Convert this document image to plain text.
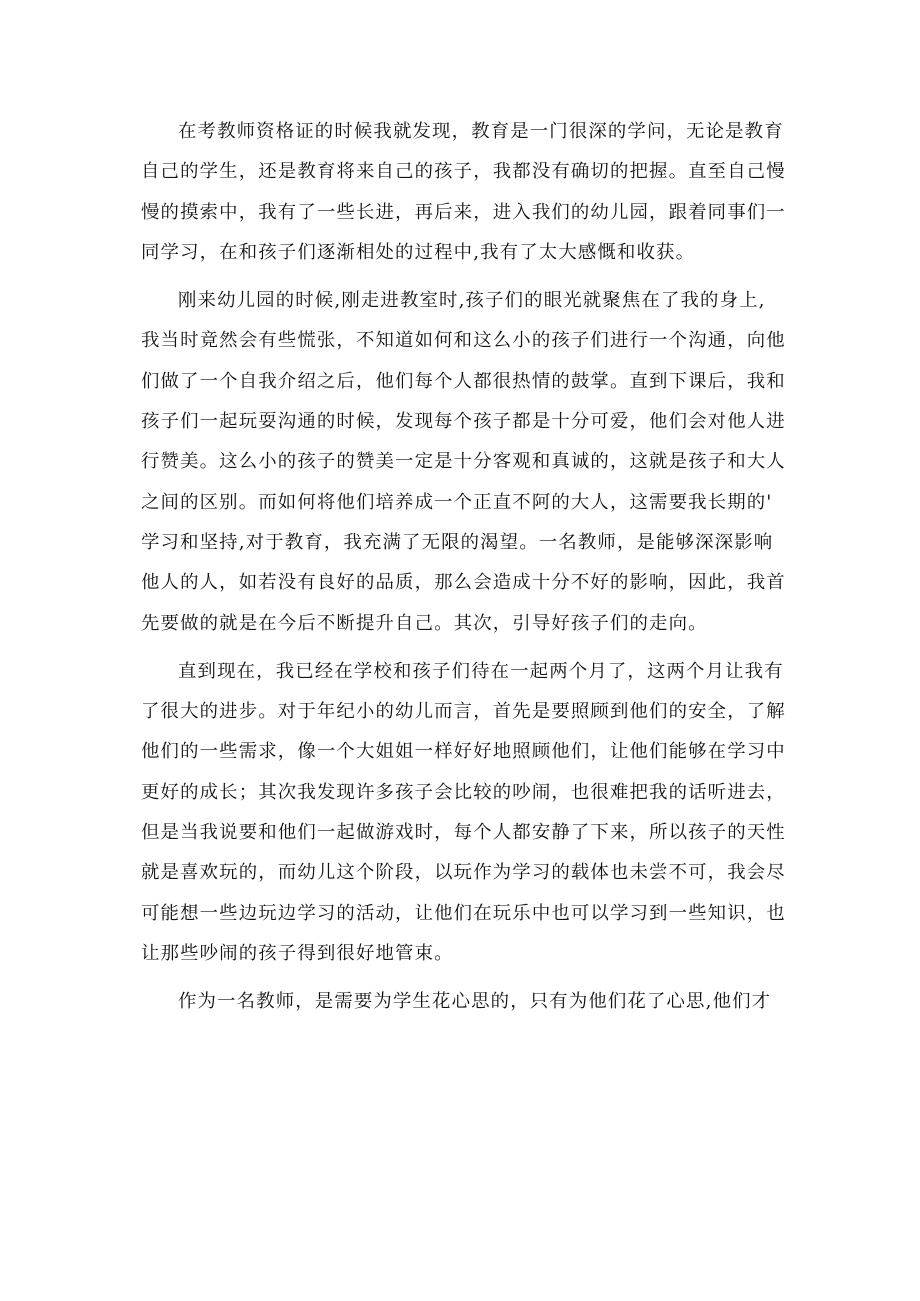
在考教师资格证的时候我就发现，教育是一门很深的学问，无论是教育
自己的学生，还是教育将来自己的孩子，我都没有确切的把握。直至自己慢
慢的摸索中，我有了一些长进，再后来，进入我们的幼儿园，跟着同事们一
同学习，在和孩子们逐渐相处的过程中,我有了太大感慨和收获。
刚来幼儿园的时候,刚走进教室时,孩子们的眼光就聚焦在了我的身上,
我当时竟然会有些慌张，不知道如何和这么小的孩子们进行一个沟通，向他
们做了一个自我介绍之后，他们每个人都很热情的鼓掌。直到下课后，我和
孩子们一起玩耍沟通的时候，发现每个孩子都是十分可爱，他们会对他人进
行赞美。这么小的孩子的赞美一定是十分客观和真诚的，这就是孩子和大人
之间的区别。而如何将他们培养成一个正直不阿的大人，这需要我长期的'
学习和坚持,对于教育，我充满了无限的渴望。一名教师，是能够深深影响
他人的人，如若没有良好的品质，那么会造成十分不好的影响，因此，我首
先要做的就是在今后不断提升自己。其次，引导好孩子们的走向。
直到现在，我已经在学校和孩子们待在一起两个月了，这两个月让我有
了很大的进步。对于年纪小的幼儿而言，首先是要照顾到他们的安全，了解
他们的一些需求，像一个大姐姐一样好好地照顾他们，让他们能够在学习中
更好的成长；其次我发现许多孩子会比较的吵闹，也很难把我的话听进去，
但是当我说要和他们一起做游戏时，每个人都安静了下来，所以孩子的天性
就是喜欢玩的，而幼儿这个阶段，以玩作为学习的载体也未尝不可，我会尽
可能想一些边玩边学习的活动，让他们在玩乐中也可以学习到一些知识，也
让那些吵闹的孩子得到很好地管束。
作为一名教师，是需要为学生花心思的，只有为他们花了心思,他们才
